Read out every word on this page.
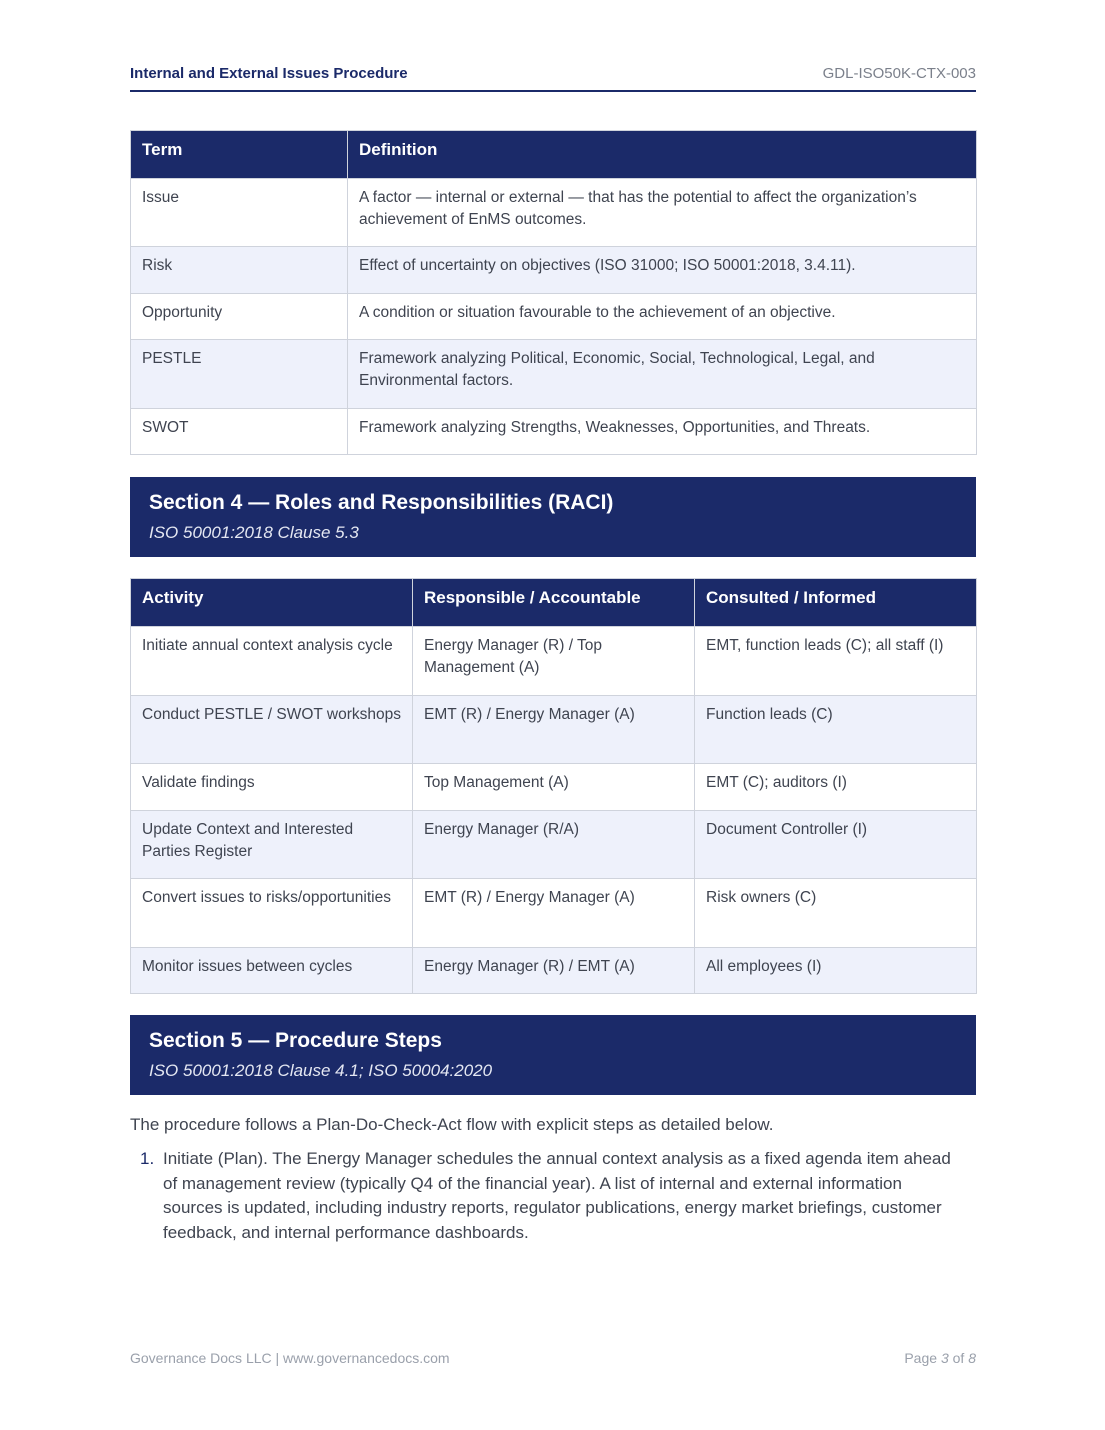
Internal and External Issues Procedure	GDL-ISO50K-CTX-003
Term	Definition
Issue	A factor — internal or external — that has the potential to affect the organization’s achievement of EnMS outcomes.
Risk	Effect of uncertainty on objectives (ISO 31000; ISO 50001:2018, 3.4.11).
Opportunity	A condition or situation favourable to the achievement of an objective.
PESTLE	Framework analyzing Political, Economic, Social, Technological, Legal, and Environmental factors.
SWOT	Framework analyzing Strengths, Weaknesses, Opportunities, and Threats.
Section 4 — Roles and Responsibilities (RACI)
ISO 50001:2018 Clause 5.3
Activity	Responsible / Accountable	Consulted / Informed
Initiate annual context analysis cycle	Energy Manager (R) / Top Management (A)	EMT, function leads (C); all staff (I)
Conduct PESTLE / SWOT workshops	EMT (R) / Energy Manager (A)	Function leads (C)
Validate findings	Top Management (A)	EMT (C); auditors (I)
Update Context and Interested Parties Register	Energy Manager (R/A)	Document Controller (I)
Convert issues to risks/opportunities	EMT (R) / Energy Manager (A)	Risk owners (C)
Monitor issues between cycles	Energy Manager (R) / EMT (A)	All employees (I)
Section 5 — Procedure Steps
ISO 50001:2018 Clause 4.1; ISO 50004:2020
The procedure follows a Plan-Do-Check-Act flow with explicit steps as detailed below.
1. Initiate (Plan). The Energy Manager schedules the annual context analysis as a fixed agenda item ahead of management review (typically Q4 of the financial year). A list of internal and external information sources is updated, including industry reports, regulator publications, energy market briefings, customer feedback, and internal performance dashboards.
Governance Docs LLC | www.governancedocs.com	Page 3 of 8
